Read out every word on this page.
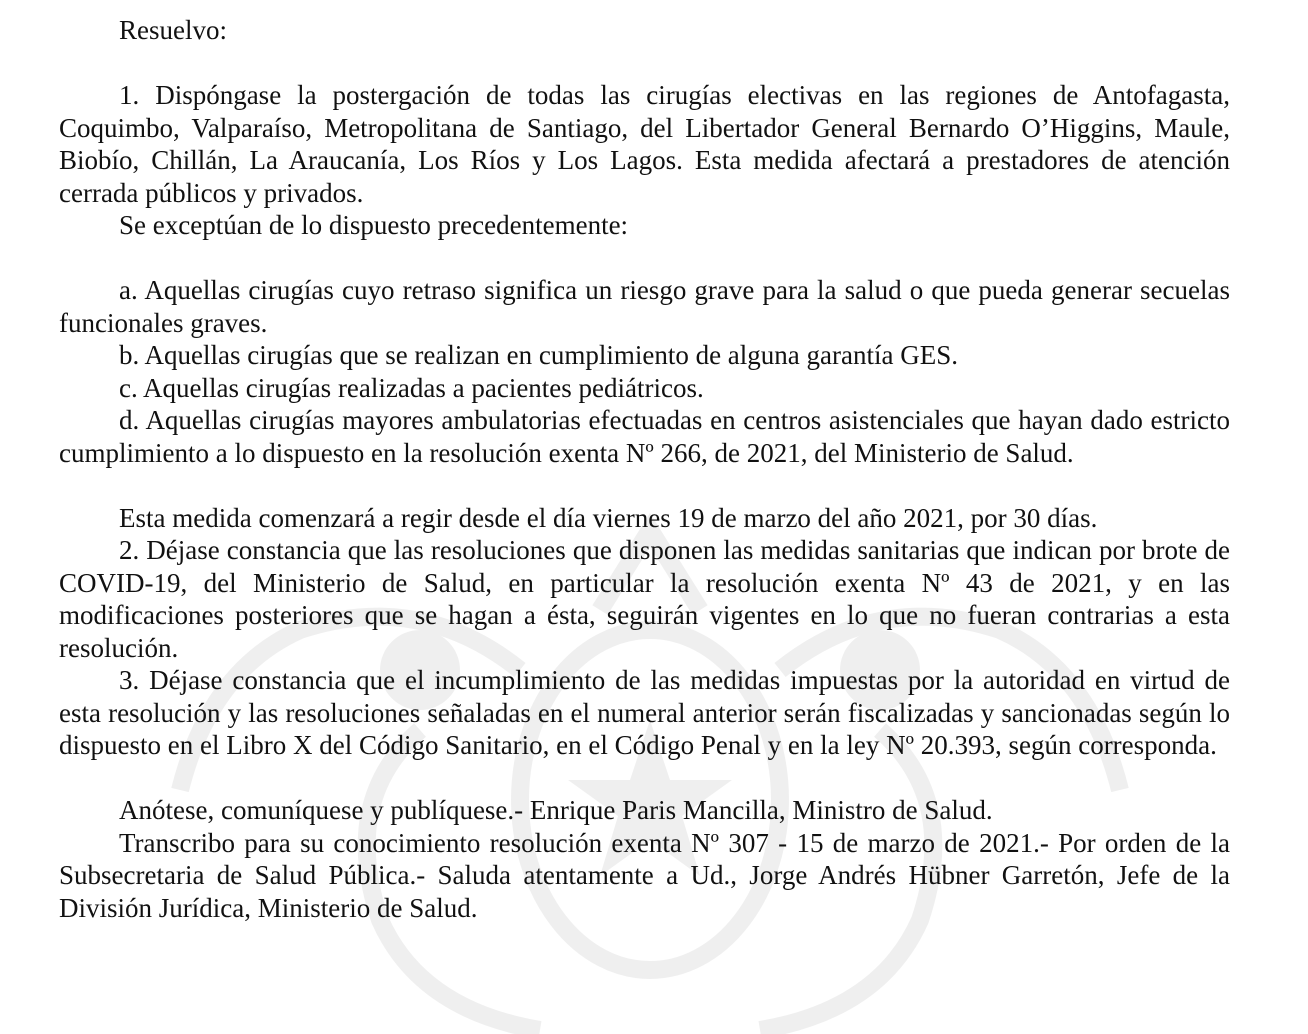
Resuelvo:

1. Dispóngase la postergación de todas las cirugías electivas en las regiones de Antofagasta, Coquimbo, Valparaíso, Metropolitana de Santiago, del Libertador General Bernardo O’Higgins, Maule, Biobío, Chillán, La Araucanía, Los Ríos y Los Lagos. Esta medida afectará a prestadores de atención cerrada públicos y privados.

Se exceptúan de lo dispuesto precedentemente:

a. Aquellas cirugías cuyo retraso significa un riesgo grave para la salud o que pueda generar secuelas funcionales graves.

b. Aquellas cirugías que se realizan en cumplimiento de alguna garantía GES.

c. Aquellas cirugías realizadas a pacientes pediátricos.

d. Aquellas cirugías mayores ambulatorias efectuadas en centros asistenciales que hayan dado estricto cumplimiento a lo dispuesto en la resolución exenta Nº 266, de 2021, del Ministerio de Salud.

Esta medida comenzará a regir desde el día viernes 19 de marzo del año 2021, por 30 días.

2. Déjase constancia que las resoluciones que disponen las medidas sanitarias que indican por brote de COVID-19, del Ministerio de Salud, en particular la resolución exenta Nº 43 de 2021, y en las modificaciones posteriores que se hagan a ésta, seguirán vigentes en lo que no fueran contrarias a esta resolución.

3. Déjase constancia que el incumplimiento de las medidas impuestas por la autoridad en virtud de esta resolución y las resoluciones señaladas en el numeral anterior serán fiscalizadas y sancionadas según lo dispuesto en el Libro X del Código Sanitario, en el Código Penal y en la ley Nº 20.393, según corresponda.

Anótese, comuníquese y publíquese.- Enrique Paris Mancilla, Ministro de Salud.

Transcribo para su conocimiento resolución exenta Nº 307 - 15 de marzo de 2021.- Por orden de la Subsecretaria de Salud Pública.- Saluda atentamente a Ud., Jorge Andrés Hübner Garretón, Jefe de la División Jurídica, Ministerio de Salud.
